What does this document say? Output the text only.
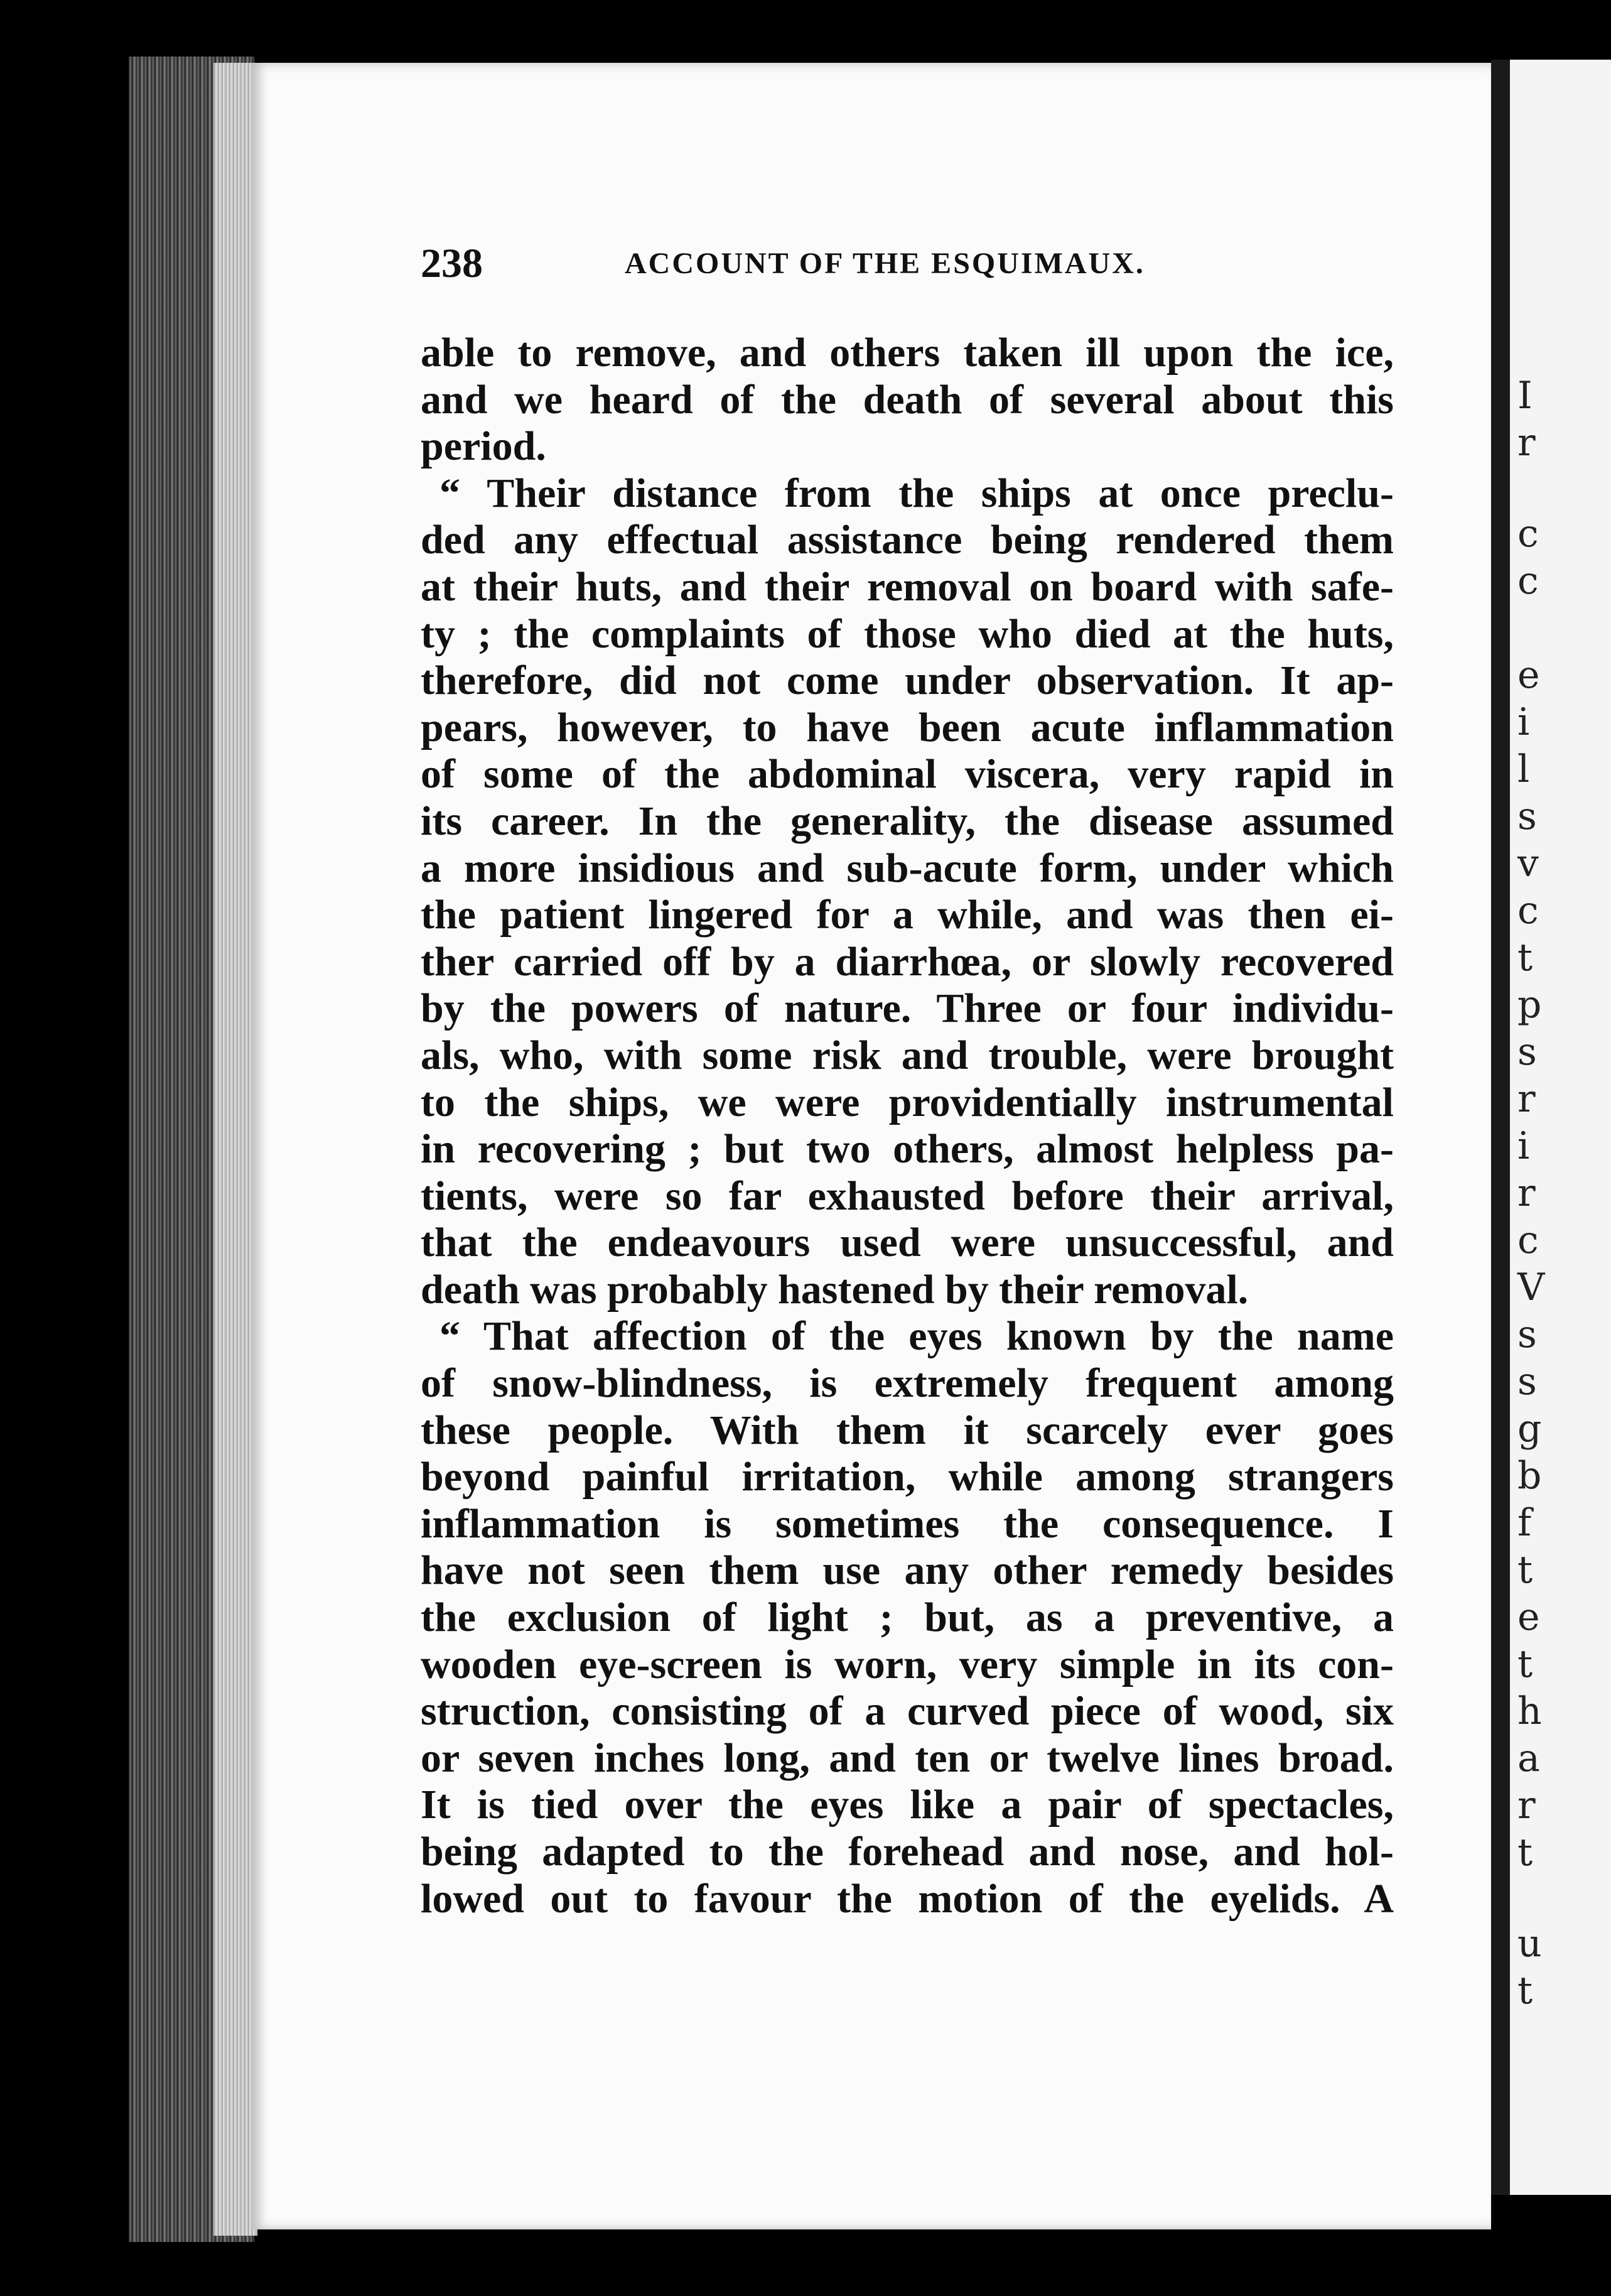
I
r
c
c
e
i
l
s
v
c
t
p
s
r
i
r
c
V
s
s
g
b
f
t
e
t
h
a
r
t
u
t
238	ACCOUNT OF THE ESQUIMAUX.
able to remove, and others taken ill upon the ice,
and we heard of the death of several about this
period.
“ Their distance from the ships at once preclu-
ded any effectual assistance being rendered them
at their huts, and their removal on board with safe-
ty ; the complaints of those who died at the huts,
therefore, did not come under observation. It ap-
pears, however, to have been acute inflammation
of some of the abdominal viscera, very rapid in
its career. In the generality, the disease assumed
a more insidious and sub-acute form, under which
the patient lingered for a while, and was then ei-
ther carried off by a diarrhœa, or slowly recovered
by the powers of nature. Three or four individu-
als, who, with some risk and trouble, were brought
to the ships, we were providentially instrumental
in recovering ; but two others, almost helpless pa-
tients, were so far exhausted before their arrival,
that the endeavours used were unsuccessful, and
death was probably hastened by their removal.
“ That affection of the eyes known by the name
of snow-blindness, is extremely frequent among
these people. With them it scarcely ever goes
beyond painful irritation, while among strangers
inflammation is sometimes the consequence. I
have not seen them use any other remedy besides
the exclusion of light ; but, as a preventive, a
wooden eye-screen is worn, very simple in its con-
struction, consisting of a curved piece of wood, six
or seven inches long, and ten or twelve lines broad.
It is tied over the eyes like a pair of spectacles,
being adapted to the forehead and nose, and hol-
lowed out to favour the motion of the eyelids. A
